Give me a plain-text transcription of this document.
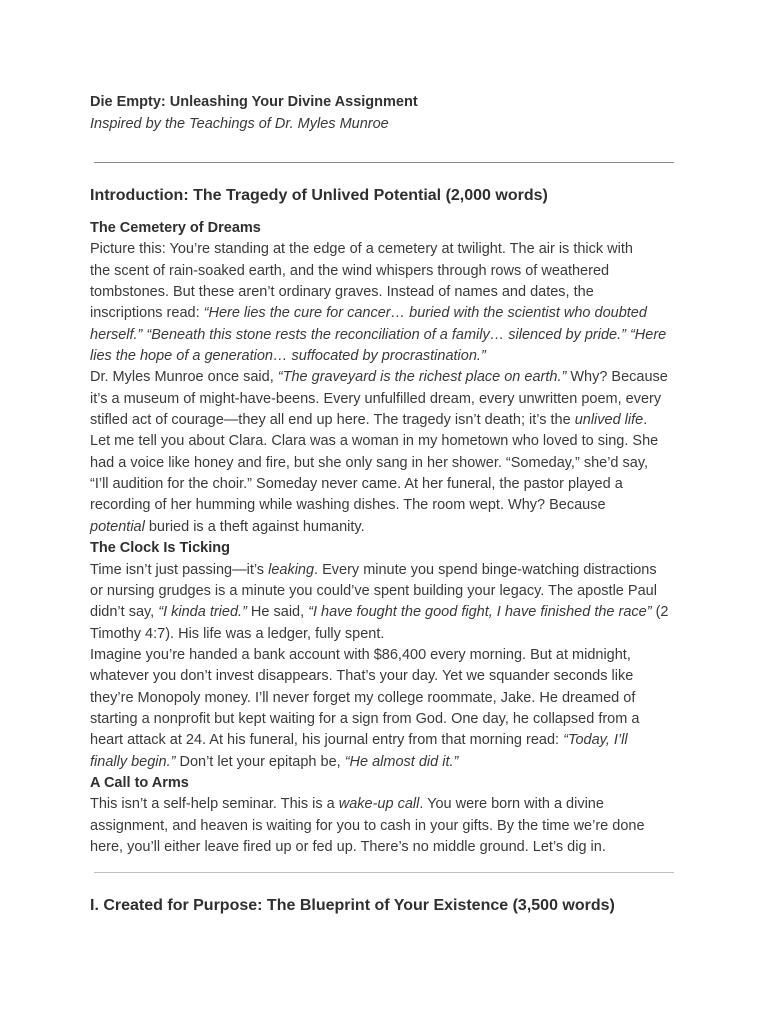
Die Empty: Unleashing Your Divine Assignment

Inspired by the Teachings of Dr. Myles Munroe

Introduction: The Tragedy of Unlived Potential (2,000 words)
The Cemetery of Dreams

Picture this: You’re standing at the edge of a cemetery at twilight. The air is thick with
the scent of rain-soaked earth, and the wind whispers through rows of weathered
tombstones. But these aren’t ordinary graves. Instead of names and dates, the
inscriptions read: “Here lies the cure for cancer… buried with the scientist who doubted
herself.” “Beneath this stone rests the reconciliation of a family… silenced by pride.” “Here
lies the hope of a generation… suffocated by procrastination.”

Dr. Myles Munroe once said, “The graveyard is the richest place on earth.” Why? Because
it’s a museum of might-have-beens. Every unfulfilled dream, every unwritten poem, every
stifled act of courage—they all end up here. The tragedy isn’t death; it’s the unlived life.

Let me tell you about Clara. Clara was a woman in my hometown who loved to sing. She
had a voice like honey and fire, but she only sang in her shower. “Someday,” she’d say,
“I’ll audition for the choir.” Someday never came. At her funeral, the pastor played a
recording of her humming while washing dishes. The room wept. Why? Because
potential buried is a theft against humanity.

The Clock Is Ticking

Time isn’t just passing—it’s leaking. Every minute you spend binge-watching distractions
or nursing grudges is a minute you could’ve spent building your legacy. The apostle Paul
didn’t say, “I kinda tried.” He said, “I have fought the good fight, I have finished the race” (2
Timothy 4:7). His life was a ledger, fully spent.

Imagine you’re handed a bank account with $86,400 every morning. But at midnight,
whatever you don’t invest disappears. That’s your day. Yet we squander seconds like
they’re Monopoly money. I’ll never forget my college roommate, Jake. He dreamed of
starting a nonprofit but kept waiting for a sign from God. One day, he collapsed from a
heart attack at 24. At his funeral, his journal entry from that morning read: “Today, I’ll
finally begin.” Don’t let your epitaph be, “He almost did it.”

A Call to Arms

This isn’t a self-help seminar. This is a wake-up call. You were born with a divine
assignment, and heaven is waiting for you to cash in your gifts. By the time we’re done
here, you’ll either leave fired up or fed up. There’s no middle ground. Let’s dig in.

I. Created for Purpose: The Blueprint of Your Existence (3,500 words)
